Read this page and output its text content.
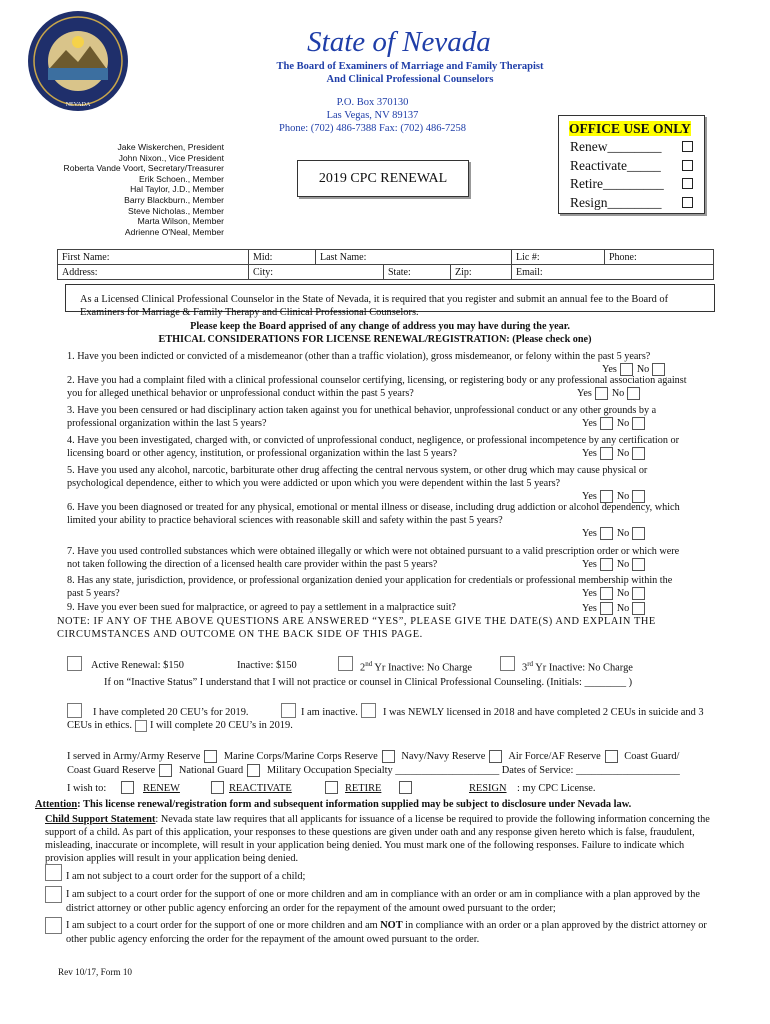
NEVADA
State of Nevada
The Board of Examiners of Marriage and Family Therapist
And Clinical Professional Counselors
P.O. Box 370130
Las Vegas, NV 89137
Phone: (702) 486-7388 Fax: (702) 486-7258
Jake Wiskerchen, President
John Nixon., Vice President
Roberta Vande Voort, Secretary/Treasurer
Erik Schoen., Member
Hal Taylor, J.D., Member
Barry Blackburn., Member
Steve Nicholas., Member
Marta Wilson, Member
Adrienne O'Neal, Member
2019 CPC RENEWAL
OFFICE USE ONLY
Renew________
Reactivate_____
Retire_________
Resign________
First Name:	Mid:	Last Name:			Lic #:	Phone:
Address:	City:		State:	Zip:	Email:	
As a Licensed Clinical Professional Counselor in the State of Nevada, it is required that you register and submit an annual fee to the Board of Examiners for Marriage & Family Therapy and Clinical Professional Counselors.
Please keep the Board apprised of any change of address you may have during the year.
ETHICAL CONSIDERATIONS FOR LICENSE RENEWAL/REGISTRATION: (Please check one)
1. Have you been indicted or convicted of a misdemeanor (other than a traffic violation), gross misdemeanor, or felony within the past 5 years?
Yes No
2. Have you had a complaint filed with a clinical professional counselor certifying, licensing, or registering body or any professional association against you for alleged unethical behavior or unprofessional conduct within the past 5 years?	Yes No
3. Have you been censured or had disciplinary action taken against you for unethical behavior, unprofessional conduct or any other grounds by a professional organization within the last 5 years?	Yes No
4. Have you been investigated, charged with, or convicted of unprofessional conduct, negligence, or professional incompetence by any certification or licensing board or other agency, institution, or professional organization within the last 5 years?	Yes No
5. Have you used any alcohol, narcotic, barbiturate other drug affecting the central nervous system, or other drug which may cause physical or psychological dependence, either to which you were addicted or upon which you were dependent within the last 5 years?
Yes No
6. Have you been diagnosed or treated for any physical, emotional or mental illness or disease, including drug addiction or alcohol dependency, which limited your ability to practice behavioral sciences with reasonable skill and safety within the past 5 years?
Yes No
7. Have you used controlled substances which were obtained illegally or which were not obtained pursuant to a valid prescription order or which were not taken following the direction of a licensed health care provider within the past 5 years?	Yes No
8. Has any state, jurisdiction, providence, or professional organization denied your application for credentials or professional membership within the past 5 years?	Yes No
9. Have you ever been sued for malpractice, or agreed to pay a settlement in a malpractice suit?	Yes No
NOTE: IF ANY OF THE ABOVE QUESTIONS ARE ANSWERED “YES”, PLEASE GIVE THE DATE(S) AND EXPLAIN THE CIRCUMSTANCES AND OUTCOME ON THE BACK SIDE OF THIS PAGE.
Active Renewal: $150	Inactive: $150	2nd Yr Inactive: No Charge	3rd Yr Inactive: No Charge
If on “Inactive Status” I understand that I will not practice or counsel in Clinical Professional Counseling. (Initials: ________ )
I have completed 20 CEU’s for 2019.	I am inactive.	I was NEWLY licensed in 2018 and have completed 2 CEUs in suicide and 3 CEUs in ethics. I will complete 20 CEU’s in 2019.
I served in Army/Army Reserve Marine Corps/Marine Corps Reserve Navy/Navy Reserve Air Force/AF Reserve Coast Guard/
Coast Guard Reserve National Guard Military Occupation Specialty ____________________ Dates of Service: ____________________
I wish to:	RENEW	REACTIVATE	RETIRE	RESIGN : my CPC License.
Attention: This license renewal/registration form and subsequent information supplied may be subject to disclosure under Nevada law.
Child Support Statement: Nevada state law requires that all applicants for issuance of a license be required to provide the following information concerning the support of a child. As part of this application, your responses to these questions are given under oath and any response given hereto which is false, fraudulent, misleading, inaccurate or incomplete, will result in your application being denied. You must mark one of the following responses. Failure to indicate which provision applies will result in your application being denied.
I am not subject to a court order for the support of a child;
I am subject to a court order for the support of one or more children and am in compliance with an order or am in compliance with a plan approved by the district attorney or other public agency enforcing an order for the repayment of the amount owed pursuant to the order;
I am subject to a court order for the support of one or more children and am NOT in compliance with an order or a plan approved by the district attorney or other public agency enforcing the order for the repayment of the amount owed pursuant to the order.
Rev 10/17, Form 10
